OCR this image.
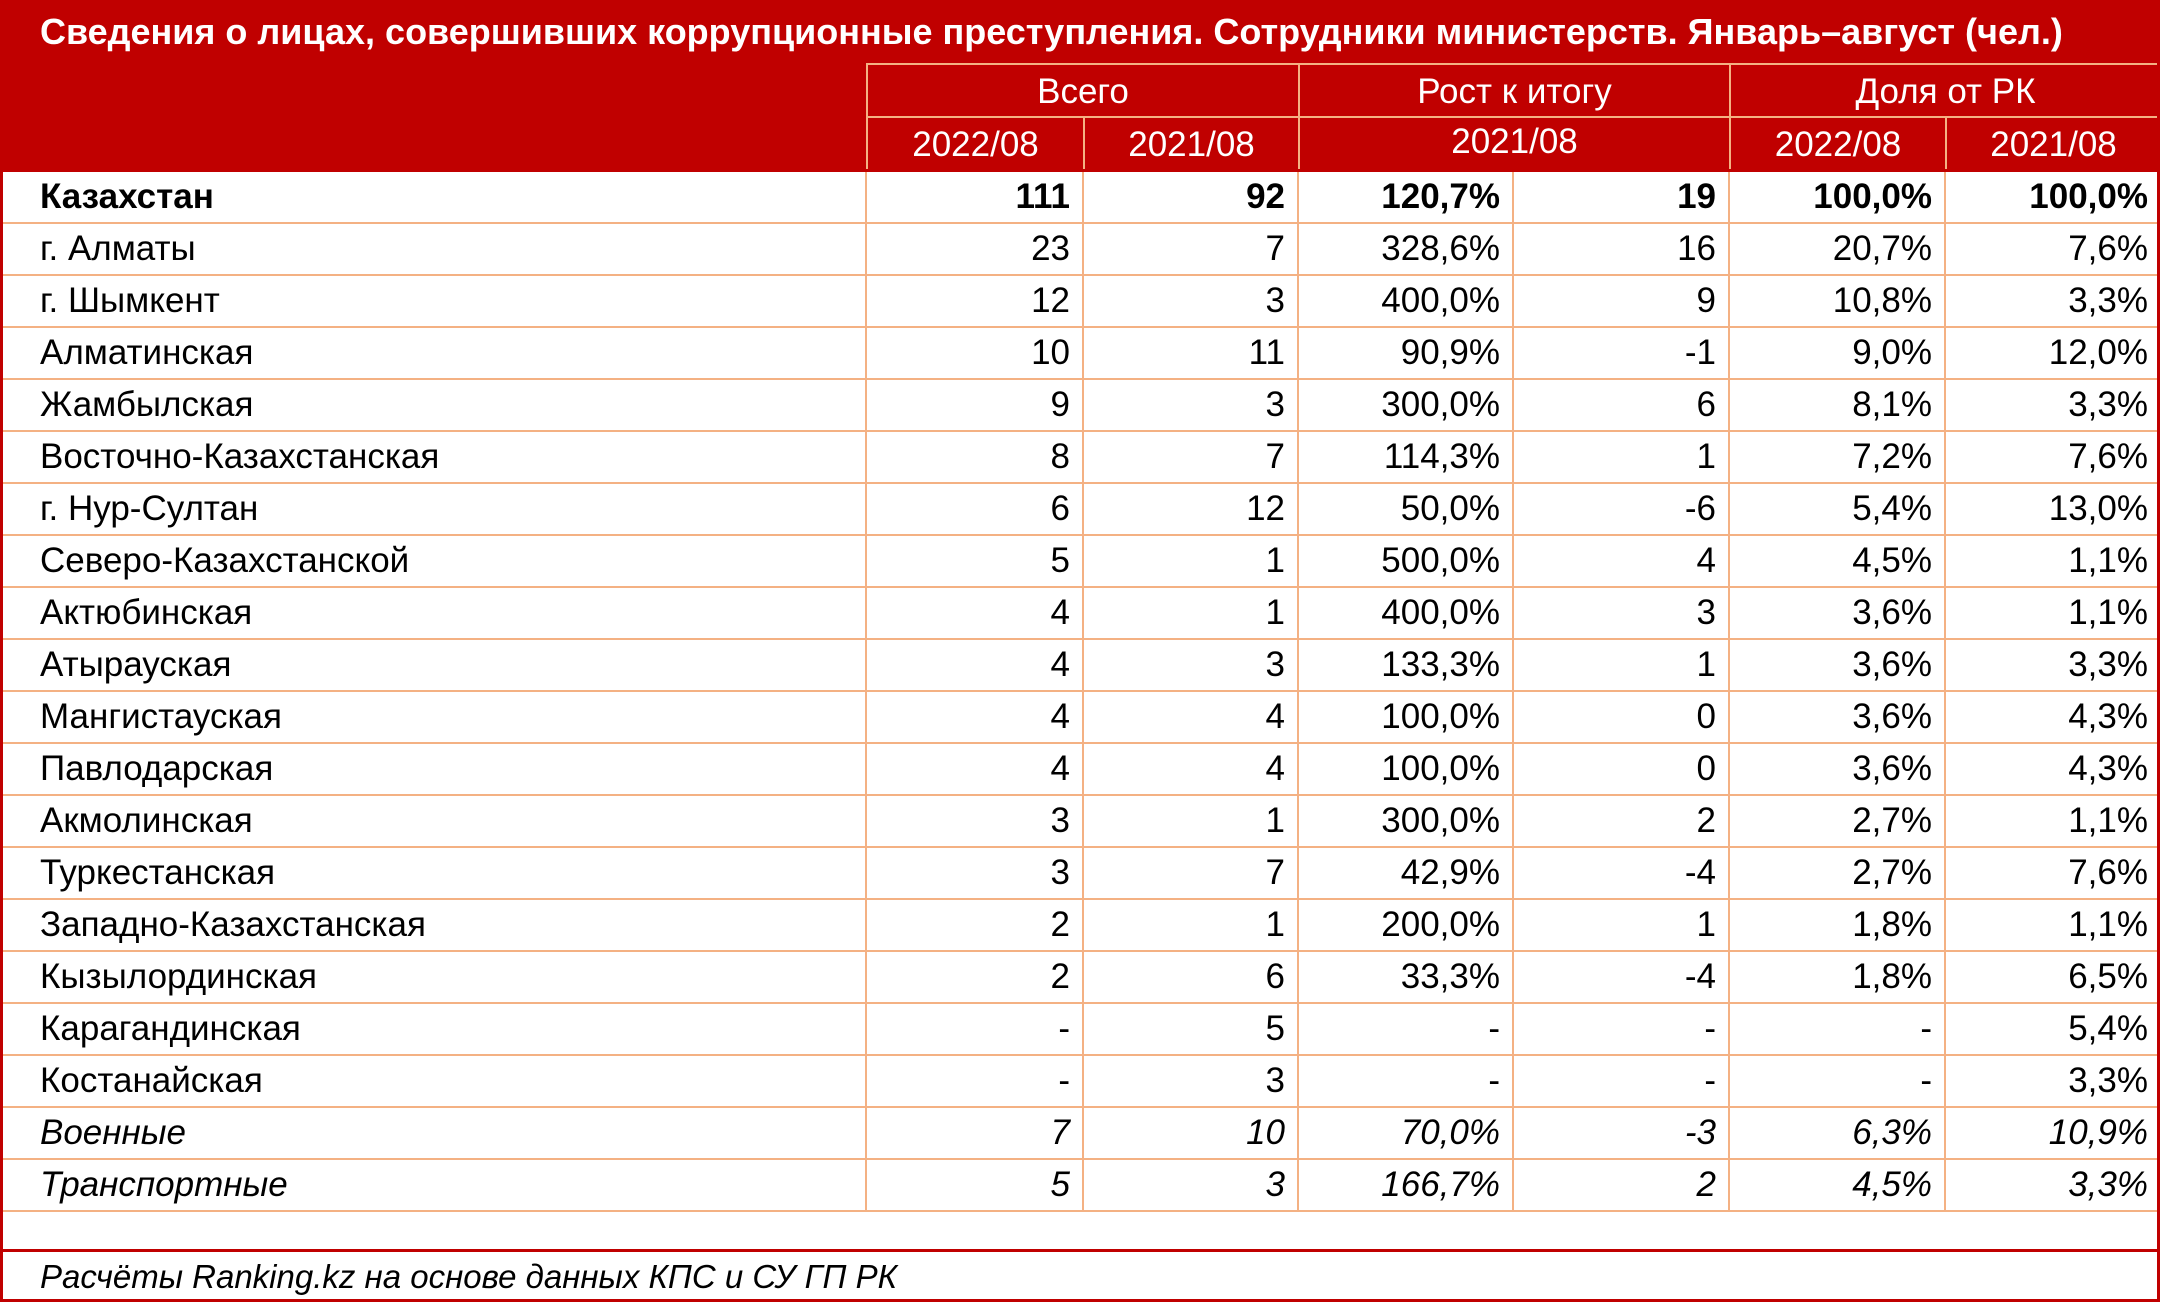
Сведения о лицах, совершивших коррупционные преступления. Сотрудники министерств. Январь–август (чел.)
Всего	Рост к итогу	Доля от РК
2022/08	2021/08	2021/08	2022/08	2021/08
Казахстан	111	92	120,7%	19	100,0%	100,0%
г. Алматы	23	7	328,6%	16	20,7%	7,6%
г. Шымкент	12	3	400,0%	9	10,8%	3,3%
Алматинская	10	11	90,9%	-1	9,0%	12,0%
Жамбылская	9	3	300,0%	6	8,1%	3,3%
Восточно-Казахстанская	8	7	114,3%	1	7,2%	7,6%
г. Нур-Султан	6	12	50,0%	-6	5,4%	13,0%
Северо-Казахстанской	5	1	500,0%	4	4,5%	1,1%
Актюбинская	4	1	400,0%	3	3,6%	1,1%
Атырауская	4	3	133,3%	1	3,6%	3,3%
Мангистауская	4	4	100,0%	0	3,6%	4,3%
Павлодарская	4	4	100,0%	0	3,6%	4,3%
Акмолинская	3	1	300,0%	2	2,7%	1,1%
Туркестанская	3	7	42,9%	-4	2,7%	7,6%
Западно-Казахстанская	2	1	200,0%	1	1,8%	1,1%
Кызылординская	2	6	33,3%	-4	1,8%	6,5%
Карагандинская	-	5	-	-	-	5,4%
Костанайская	-	3	-	-	-	3,3%
Военные	7	10	70,0%	-3	6,3%	10,9%
Транспортные	5	3	166,7%	2	4,5%	3,3%
Расчёты Ranking.kz на основе данных КПС и СУ ГП РК
